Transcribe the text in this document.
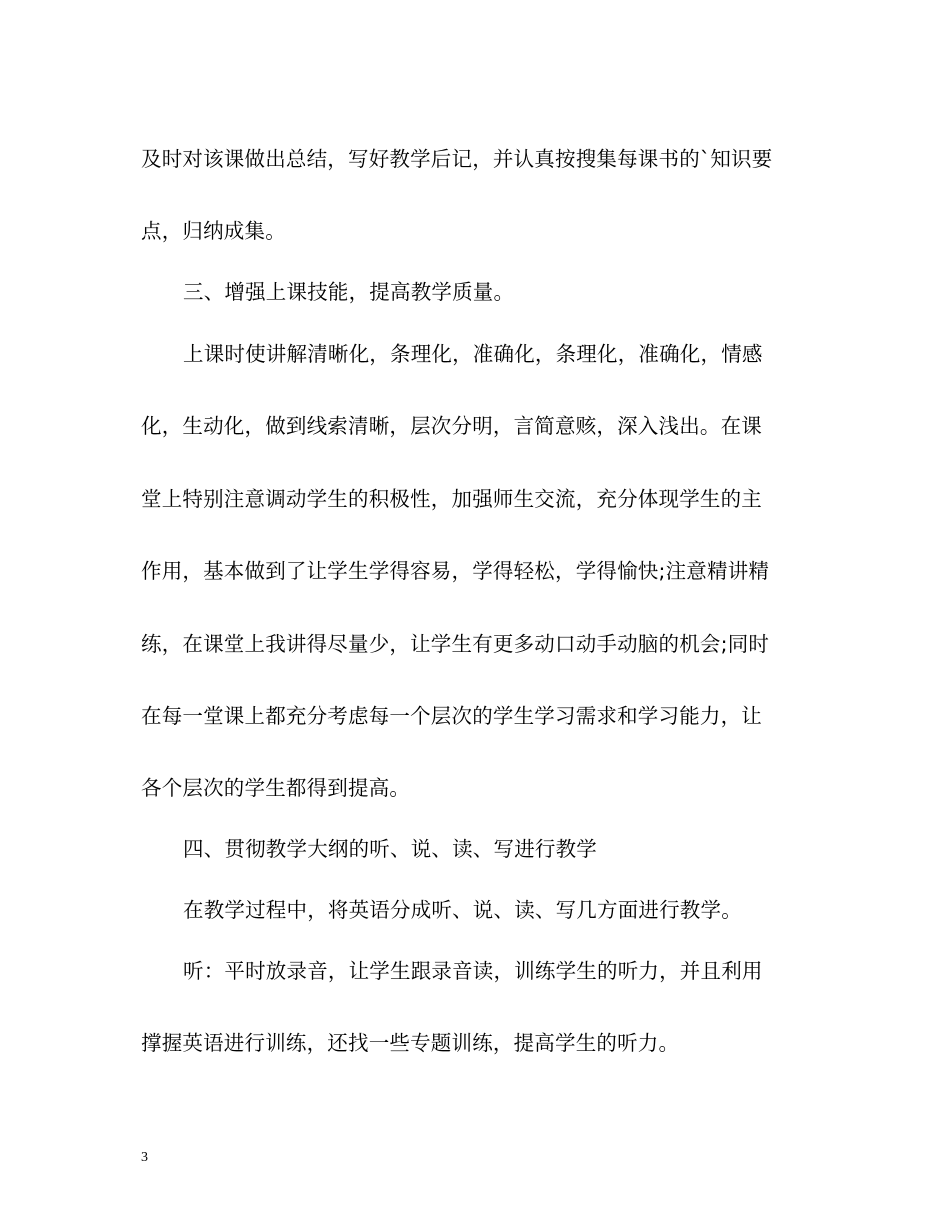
及时对该课做出总结，写好教学后记，并认真按搜集每课书的`知识要
点，归纳成集。
三、增强上课技能，提高教学质量。
上课时使讲解清晰化，条理化，准确化，条理化，准确化，情感
化，生动化，做到线索清晰，层次分明，言简意赅，深入浅出。在课
堂上特别注意调动学生的积极性，加强师生交流，充分体现学生的主
作用，基本做到了让学生学得容易，学得轻松，学得愉快;注意精讲精
练，在课堂上我讲得尽量少，让学生有更多动口动手动脑的机会;同时
在每一堂课上都充分考虑每一个层次的学生学习需求和学习能力，让
各个层次的学生都得到提高。
四、贯彻教学大纲的听、说、读、写进行教学
在教学过程中，将英语分成听、说、读、写几方面进行教学。
听：平时放录音，让学生跟录音读，训练学生的听力，并且利用
撑握英语进行训练，还找一些专题训练，提高学生的听力。
3
